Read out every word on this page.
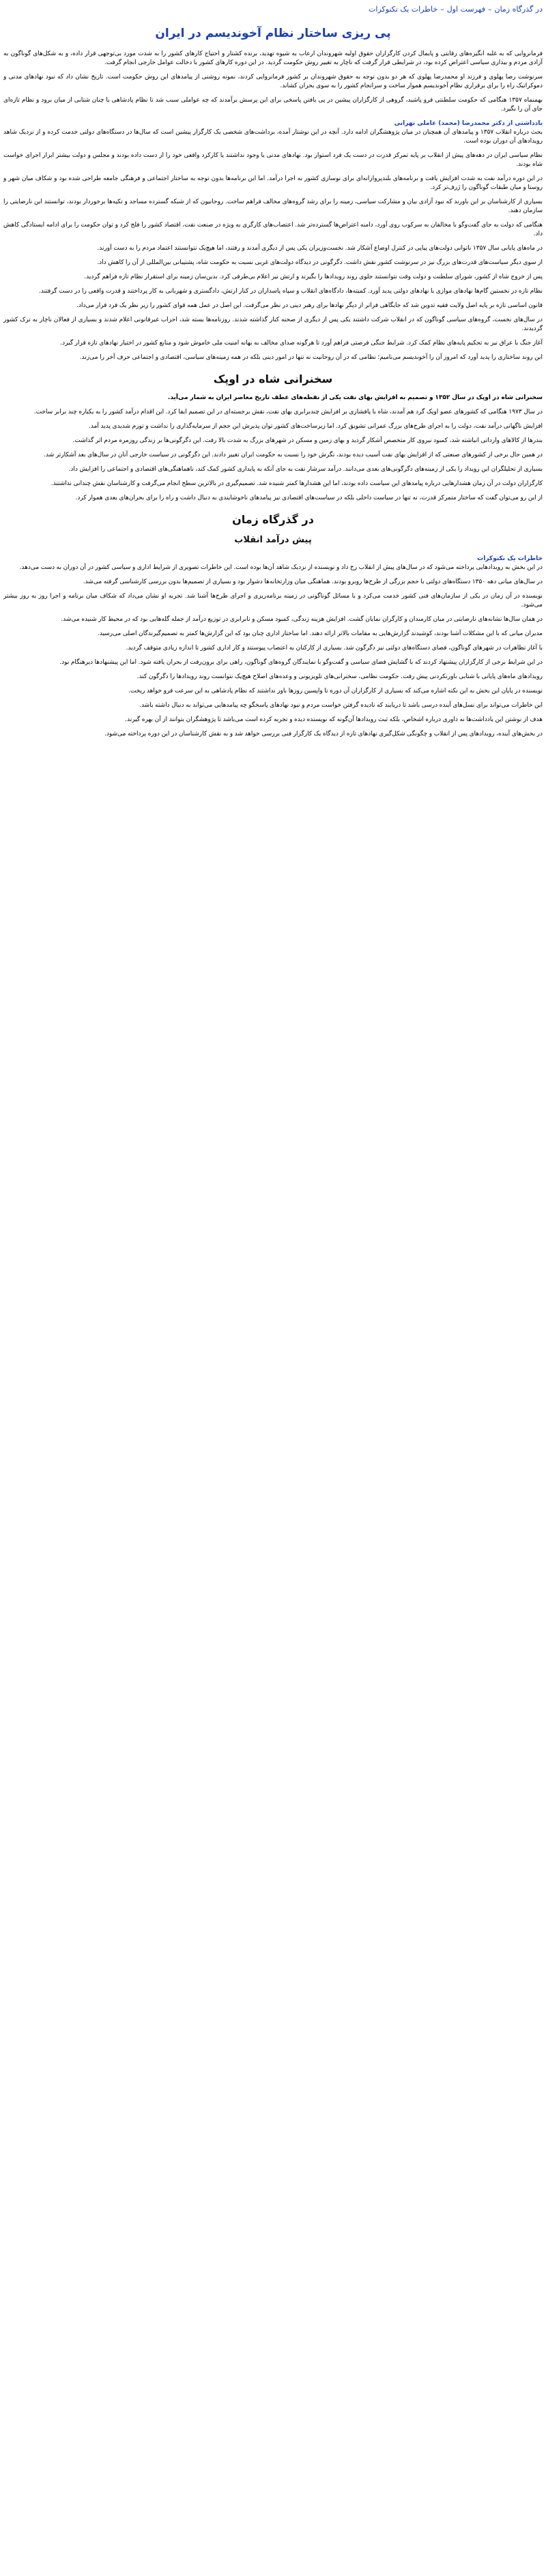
در گذرگاه زمان–فهرست اول–خاطرات یک تکنوکرات
پی ریزی ساختار نظام آخوندیسم در ایران

فرمانروایی که به غلبه انگیزه‌های رقابتی و پایمال کردن کارگزاران حقوق اولیه شهروندان ارعاب به شیوه تهدید، برنده کشتار و احتیاج کارهای کشور را به شدت مورد بی‌توجهی قرار داده، و به شکل‌های گوناگون به آزادی مردم و بیداری سیاسی اعتراض کرده بود، در شرایطی قرار گرفت که ناچار به تغییر روش حکومت گردید. در این دوره کارهای کشور با دخالت عوامل خارجی انجام گرفت.

سرنوشت رضا پهلوی و فرزند او محمدرضا پهلوی که هر دو بدون توجه به حقوق شهروندان بر کشور فرمانروایی کردند، نمونه روشنی از پیامدهای این روش حکومت است. تاریخ نشان داد که نبود نهادهای مدنی و دموکراتیک راه را برای برقراری نظام آخوندیسم هموار ساخت و سرانجام کشور را به سوی بحران کشاند.

بهمنماه ۱۳۵۷ هنگامی که حکومت سلطنتی فرو پاشید، گروهی از کارگزاران پیشین در پی یافتن پاسخی برای این پرسش برآمدند که چه عواملی سبب شد تا نظام پادشاهی با چنان شتابی از میان برود و نظام تازه‌ای جای آن را بگیرد.

یادداشتی از دکتر محمدرضا (محمد) عاملی تهرانی

بحث درباره انقلاب ۱۳۵۷ و پیامدهای آن همچنان در میان پژوهشگران ادامه دارد. آنچه در این نوشتار آمده، برداشت‌های شخصی یک کارگزار پیشین است که سال‌ها در دستگاه‌های دولتی خدمت کرده و از نزدیک شاهد رویدادهای آن دوران بوده است.

نظام سیاسی ایران در دهه‌های پیش از انقلاب بر پایه تمرکز قدرت در دست یک فرد استوار بود. نهادهای مدنی یا وجود نداشتند یا کارکرد واقعی خود را از دست داده بودند و مجلس و دولت بیشتر ابزار اجرای خواست شاه بودند.

در این دوره درآمد نفت به شدت افزایش یافت و برنامه‌های بلندپروازانه‌ای برای نوسازی کشور به اجرا درآمد. اما این برنامه‌ها بدون توجه به ساختار اجتماعی و فرهنگی جامعه طراحی شده بود و شکاف میان شهر و روستا و میان طبقات گوناگون را ژرف‌تر کرد.

بسیاری از کارشناسان بر این باورند که نبود آزادی بیان و مشارکت سیاسی، زمینه را برای رشد گروه‌های مخالف فراهم ساخت. روحانیون که از شبکه گسترده مساجد و تکیه‌ها برخوردار بودند، توانستند این نارضایتی را سازمان دهند.

هنگامی که دولت به جای گفت‌وگو با مخالفان به سرکوب روی آورد، دامنه اعتراض‌ها گسترده‌تر شد. اعتصاب‌های کارگری به ویژه در صنعت نفت، اقتصاد کشور را فلج کرد و توان حکومت را برای ادامه ایستادگی کاهش داد.

در ماه‌های پایانی سال ۱۳۵۷ ناتوانی دولت‌های پیاپی در کنترل اوضاع آشکار شد. نخست‌وزیران یکی پس از دیگری آمدند و رفتند، اما هیچ‌یک نتوانستند اعتماد مردم را به دست آورند.

از سوی دیگر سیاست‌های قدرت‌های بزرگ نیز در سرنوشت کشور نقش داشت. دگرگونی در دیدگاه دولت‌های غربی نسبت به حکومت شاه، پشتیبانی بین‌المللی از آن را کاهش داد.

پس از خروج شاه از کشور، شورای سلطنت و دولت وقت نتوانستند جلوی روند رویدادها را بگیرند و ارتش نیز اعلام بی‌طرفی کرد. بدین‌سان زمینه برای استقرار نظام تازه فراهم گردید.

نظام تازه در نخستین گام‌ها نهادهای موازی با نهادهای دولتی پدید آورد. کمیته‌ها، دادگاه‌های انقلاب و سپاه پاسداران در کنار ارتش، دادگستری و شهربانی به کار پرداختند و قدرت واقعی را در دست گرفتند.

قانون اساسی تازه بر پایه اصل ولایت فقیه تدوین شد که جایگاهی فراتر از دیگر نهادها برای رهبر دینی در نظر می‌گرفت. این اصل در عمل همه قوای کشور را زیر نظر یک فرد قرار می‌داد.

در سال‌های نخست، گروه‌های سیاسی گوناگون که در انقلاب شرکت داشتند یکی پس از دیگری از صحنه کنار گذاشته شدند. روزنامه‌ها بسته شد، احزاب غیرقانونی اعلام شدند و بسیاری از فعالان ناچار به ترک کشور گردیدند.

آغاز جنگ با عراق نیز به تحکیم پایه‌های نظام کمک کرد. شرایط جنگی فرصتی فراهم آورد تا هرگونه صدای مخالف به بهانه امنیت ملی خاموش شود و منابع کشور در اختیار نهادهای تازه قرار گیرد.

این روند ساختاری را پدید آورد که امروز آن را آخوندیسم می‌نامیم؛ نظامی که در آن روحانیت نه تنها در امور دینی بلکه در همه زمینه‌های سیاسی، اقتصادی و اجتماعی حرف آخر را می‌زند.

سخنرانی شاه در اوپک

سخنرانی شاه در اوپک در سال ۱۳۵۲ و تصمیم به افزایش بهای نفت یکی از نقطه‌های عطف تاریخ معاصر ایران به شمار می‌آید.

در سال ۱۹۷۳ هنگامی که کشورهای عضو اوپک گرد هم آمدند، شاه با پافشاری بر افزایش چندبرابری بهای نفت، نقش برجسته‌ای در این تصمیم ایفا کرد. این اقدام درآمد کشور را به یکباره چند برابر ساخت.

افزایش ناگهانی درآمد نفت، دولت را به اجرای طرح‌های بزرگ عمرانی تشویق کرد. اما زیرساخت‌های کشور توان پذیرش این حجم از سرمایه‌گذاری را نداشت و تورم شدیدی پدید آمد.

بندرها از کالاهای وارداتی انباشته شد، کمبود نیروی کار متخصص آشکار گردید و بهای زمین و مسکن در شهرهای بزرگ به شدت بالا رفت. این دگرگونی‌ها بر زندگی روزمره مردم اثر گذاشت.

در همین حال برخی از کشورهای صنعتی که از افزایش بهای نفت آسیب دیده بودند، نگرش خود را نسبت به حکومت ایران تغییر دادند. این دگرگونی در سیاست خارجی آنان در سال‌های بعد آشکارتر شد.

بسیاری از تحلیلگران این رویداد را یکی از زمینه‌های دگرگونی‌های بعدی می‌دانند. درآمد سرشار نفت به جای آنکه به پایداری کشور کمک کند، ناهماهنگی‌های اقتصادی و اجتماعی را افزایش داد.

کارگزاران دولت در آن زمان هشدارهایی درباره پیامدهای این سیاست داده بودند، اما این هشدارها کمتر شنیده شد. تصمیم‌گیری در بالاترین سطح انجام می‌گرفت و کارشناسان نقش چندانی نداشتند.

از این رو می‌توان گفت که ساختار متمرکز قدرت، نه تنها در سیاست داخلی بلکه در سیاست‌های اقتصادی نیز پیامدهای ناخوشایندی به دنبال داشت و راه را برای بحران‌های بعدی هموار کرد.

در گذرگاه زمان
پیش درآمد انقلاب
خاطرات یک تکنوکرات

در این بخش به رویدادهایی پرداخته می‌شود که در سال‌های پیش از انقلاب رخ داد و نویسنده از نزدیک شاهد آن‌ها بوده است. این خاطرات تصویری از شرایط اداری و سیاسی کشور در آن دوران به دست می‌دهد.

در سال‌های میانی دهه ۱۳۵۰ دستگاه‌های دولتی با حجم بزرگی از طرح‌ها روبرو بودند. هماهنگی میان وزارتخانه‌ها دشوار بود و بسیاری از تصمیم‌ها بدون بررسی کارشناسی گرفته می‌شد.

نویسنده در آن زمان در یکی از سازمان‌های فنی کشور خدمت می‌کرد و با مسائل گوناگونی در زمینه برنامه‌ریزی و اجرای طرح‌ها آشنا شد. تجربه او نشان می‌داد که شکاف میان برنامه و اجرا روز به روز بیشتر می‌شود.

در همان سال‌ها نشانه‌های نارضایتی در میان کارمندان و کارگران نمایان گشت. افزایش هزینه زندگی، کمبود مسکن و نابرابری در توزیع درآمد از جمله گله‌هایی بود که در محیط کار شنیده می‌شد.

مدیران میانی که با این مشکلات آشنا بودند، کوشیدند گزارش‌هایی به مقامات بالاتر ارائه دهند. اما ساختار اداری چنان بود که این گزارش‌ها کمتر به تصمیم‌گیرندگان اصلی می‌رسید.

با آغاز تظاهرات در شهرهای گوناگون، فضای دستگاه‌های دولتی نیز دگرگون شد. بسیاری از کارکنان به اعتصاب پیوستند و کار اداری کشور تا اندازه زیادی متوقف گردید.

در این شرایط برخی از کارگزاران پیشنهاد کردند که با گشایش فضای سیاسی و گفت‌وگو با نمایندگان گروه‌های گوناگون، راهی برای برون‌رفت از بحران یافته شود. اما این پیشنهادها دیرهنگام بود.

رویدادهای ماه‌های پایانی با شتابی باورنکردنی پیش رفت. حکومت نظامی، سخنرانی‌های تلویزیونی و وعده‌های اصلاح هیچ‌یک نتوانست روند رویدادها را دگرگون کند.

نویسنده در پایان این بخش به این نکته اشاره می‌کند که بسیاری از کارگزاران آن دوره تا واپسین روزها باور نداشتند که نظام پادشاهی به این سرعت فرو خواهد ریخت.

این خاطرات می‌تواند برای نسل‌های آینده درسی باشد تا دریابند که نادیده گرفتن خواست مردم و نبود نهادهای پاسخگو چه پیامدهایی می‌تواند به دنبال داشته باشد.

هدف از نوشتن این یادداشت‌ها نه داوری درباره اشخاص، بلکه ثبت رویدادها آن‌گونه که نویسنده دیده و تجربه کرده است می‌باشد تا پژوهشگران بتوانند از آن بهره گیرند.

در بخش‌های آینده، رویدادهای پس از انقلاب و چگونگی شکل‌گیری نهادهای تازه از دیدگاه یک کارگزار فنی بررسی خواهد شد و به نقش کارشناسان در این دوره پرداخته می‌شود.
